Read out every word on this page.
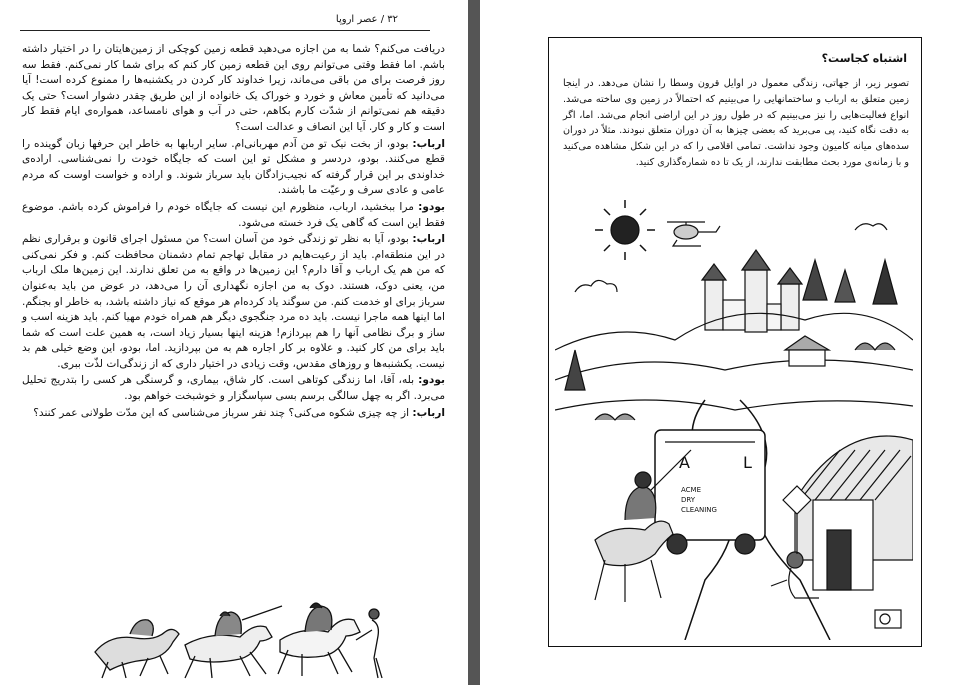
۳۲ / عصر اروپا

دریافت می‌کنم؟ شما به من اجازه می‌دهید قطعه زمین کوچکی از زمین‌هایتان را در اختیار داشته باشم. اما فقط وقتی می‌توانم روی این قطعه زمین کار کنم که برای شما کار نمی‌کنم. فقط سه روز فرصت برای من باقی می‌ماند، زیرا خداوند کار کردن در یکشنبه‌ها را ممنوع کرده است! آیا می‌دانید که تأمین معاش و خورد و خوراک یک خانواده از این طریق چقدر دشوار است؟ حتی یک دقیقه هم نمی‌توانم از شدّت کارم بکاهم، حتی در آب و هوای نامساعد، همواره‌ی ایام فقط کار است و کار و کار. آیا این انصاف و عدالت است؟

ارباب: بودو، از بخت نیک تو من آدم مهربانی‌ام. سایر اربابها به خاطر این حرفها زبان گوینده را قطع می‌کنند. بودو، دردسر و مشکل تو این است که جایگاه خودت را نمی‌شناسی. اراده‌ی خداوندی بر این قرار گرفته که نجیب‌زادگان باید سرباز شوند. و اراده و خواست اوست که مردم عامی و عادی سرف و رعیّت ما باشند.

بودو: مرا ببخشید، ارباب، منظورم این نیست که جایگاه خودم را فراموش کرده باشم. موضوع فقط این است که گاهی یک فرد خسته می‌شود.

ارباب: بودو، آیا به نظر تو زندگی خود من آسان است؟ من مسئول اجرای قانون و برقراری نظم در این منطقه‌ام. باید از رعیت‌هایم در مقابل تهاجم تمام دشمنان محافظت کنم. و فکر نمی‌کنی که من هم یک ارباب و آقا دارم؟ این زمین‌ها در واقع به من تعلق ندارند. این زمین‌ها ملک ارباب من، یعنی دوک، هستند. دوک به من اجازه نگهداری آن را می‌دهد، در عوض من باید به‌عنوان سرباز برای او خدمت کنم. من سوگند یاد کرده‌ام هر موقع که نیاز داشته باشد، به خاطر او بجنگم. اما اینها همه ماجرا نیست. باید ده مرد جنگجوی دیگر هم همراه خودم مهیا کنم. باید هزینه اسب و ساز و برگ نظامی آنها را هم بپردازم! هزینه اینها بسیار زیاد است، به همین علت است که شما باید برای من کار کنید. و علاوه بر کار اجاره هم به من بپردازید. اما، بودو، این وضع خیلی هم بد نیست. یکشنبه‌ها و روزهای مقدس، وقت زیادی در اختیار داری که از زندگی‌ات لذّت ببری.

بودو: بله، آقا، اما زندگی کوتاهی است. کار شاق، بیماری، و گرسنگی هر کسی را بتدریج تحلیل می‌برد. اگر به چهل سالگی برسم بسی سپاسگزار و خوشبخت خواهم بود.

ارباب: از چه چیزی شکوه می‌کنی؟ چند نفر سرباز می‌شناسی که این مدّت طولانی عمر کنند؟

اشتباه کجاست؟
تصویر زیر، از جهاتی، زندگی معمول در اوایل قرون وسطا را نشان می‌دهد. در اینجا زمین متعلق به ارباب و ساختمانهایی را می‌بینیم که احتمالاً در زمین وی ساخته می‌شد. انواع فعالیت‌هایی را نیز می‌بینیم که در طول روز در این اراضی انجام می‌شد. اما، اگر به دقت نگاه کنید، پی می‌برید که بعضی چیزها به آن دوران متعلق نبودند. مثلاً در دوران سده‌های میانه کامیون وجود نداشت. تمامی اقلامی را که در این شکل مشاهده می‌کنید و با زمانه‌ی مورد بحث مطابقت ندارند، از یک تا ده شماره‌گذاری کنید.
A	L
ACME
DRY
CLEANING
